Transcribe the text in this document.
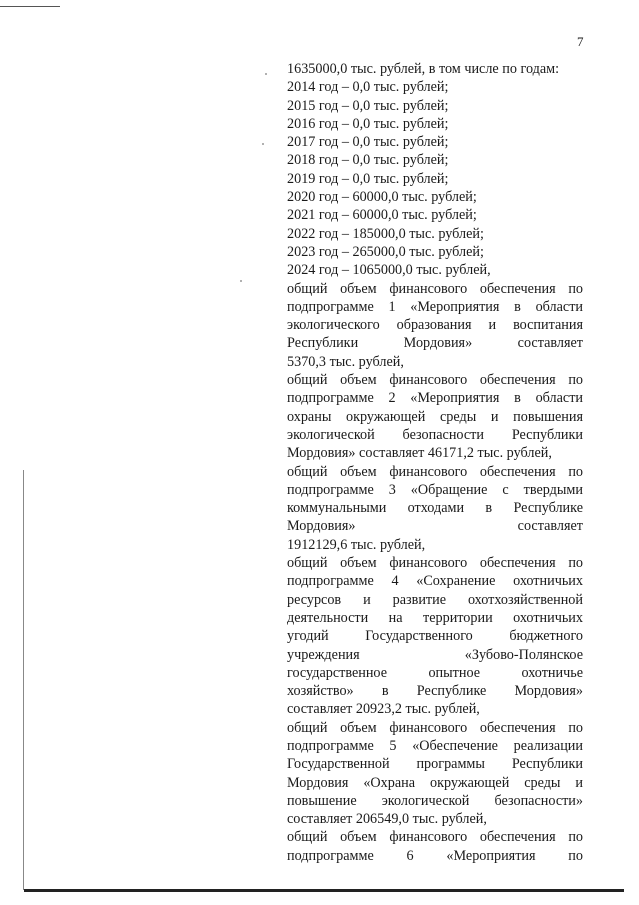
7
1635000,0 тыс. рублей, в том числе по годам:
2014 год – 0,0 тыс. рублей;
2015 год – 0,0 тыс. рублей;
2016 год – 0,0 тыс. рублей;
2017 год – 0,0 тыс. рублей;
2018 год – 0,0 тыс. рублей;
2019 год – 0,0 тыс. рублей;
2020 год – 60000,0 тыс. рублей;
2021 год – 60000,0 тыс. рублей;
2022 год – 185000,0 тыс. рублей;
2023 год – 265000,0 тыс. рублей;
2024 год – 1065000,0 тыс. рублей,
общий объем финансового обеспечения по
подпрограмме 1 «Мероприятия в области
экологического образования и воспитания
Республики Мордовия» составляет
5370,3 тыс. рублей,
общий объем финансового обеспечения по
подпрограмме 2 «Мероприятия в области
охраны окружающей среды и повышения
экологической безопасности Республики
Мордовия» составляет 46171,2 тыс. рублей,
общий объем финансового обеспечения по
подпрограмме 3 «Обращение с твердыми
коммунальными отходами в Республике
Мордовия» составляет
1912129,6 тыс. рублей,
общий объем финансового обеспечения по
подпрограмме 4 «Сохранение охотничьих
ресурсов и развитие охотхозяйственной
деятельности на территории охотничьих
угодий Государственного бюджетного
учреждения «Зубово-Полянское
государственное опытное охотничье
хозяйство» в Республике Мордовия»
составляет 20923,2 тыс. рублей,
общий объем финансового обеспечения по
подпрограмме 5 «Обеспечение реализации
Государственной программы Республики
Мордовия «Охрана окружающей среды и
повышение экологической безопасности»
составляет 206549,0 тыс. рублей,
общий объем финансового обеспечения по
подпрограмме 6 «Мероприятия по
